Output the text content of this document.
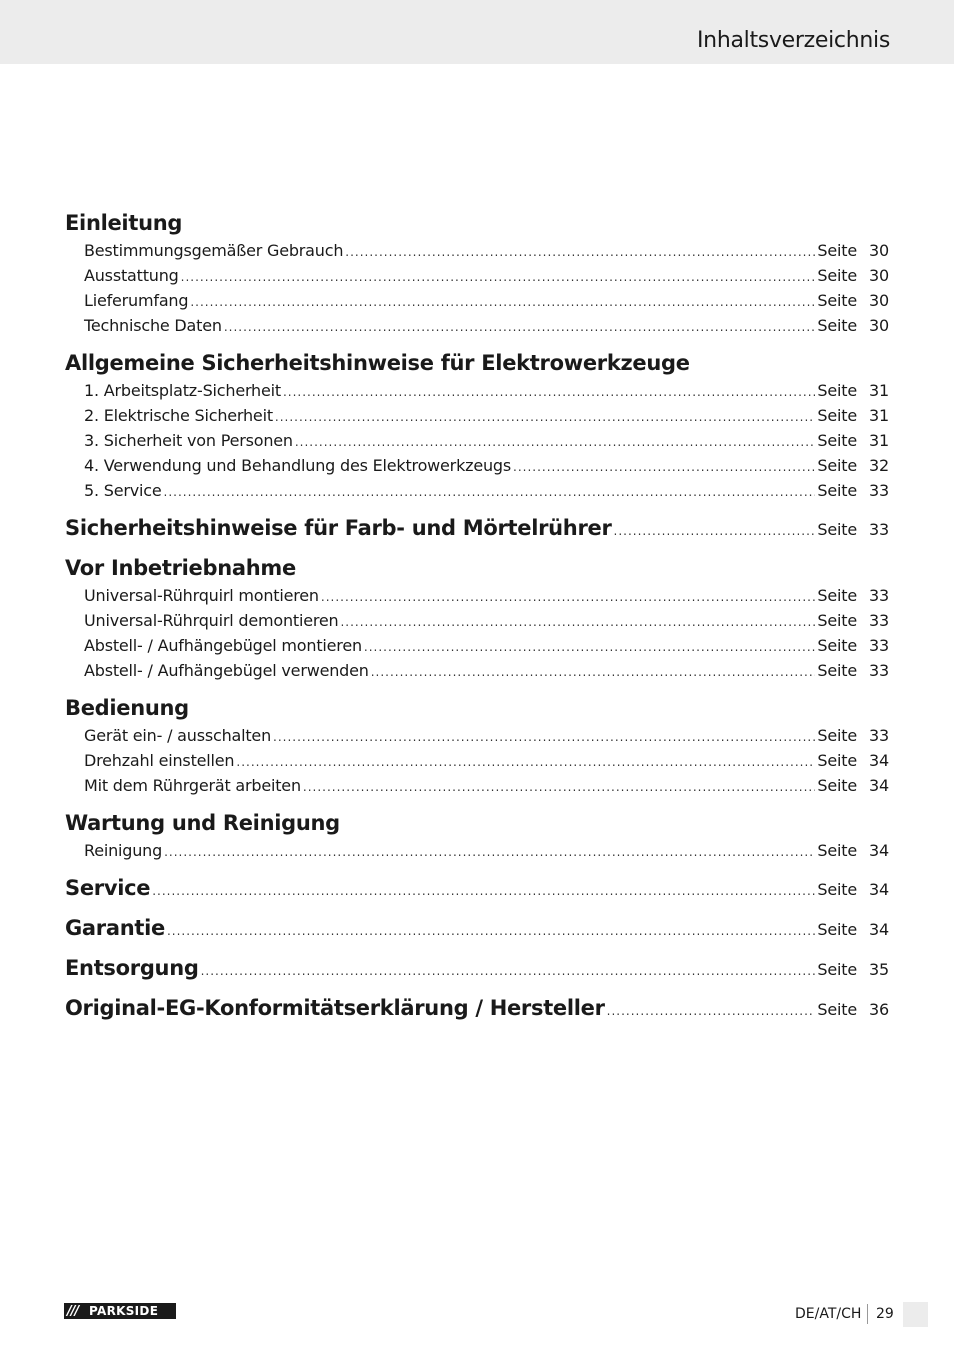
Inhaltsverzeichnis
Einleitung
Bestimmungsgemäßer Gebrauch .....	Seite 30
Ausstattung .....	Seite 30
Lieferumfang .....	Seite 30
Technische Daten .....	Seite 30
Allgemeine Sicherheitshinweise für Elektrowerkzeuge
1. Arbeitsplatz-Sicherheit .....	Seite 31
2. Elektrische Sicherheit .....	Seite 31
3. Sicherheit von Personen .....	Seite 31
4. Verwendung und Behandlung des Elektrowerkzeugs .....	Seite 32
5. Service .....	Seite 33
Sicherheitshinweise für Farb- und Mörtelrührer .....	Seite 33
Vor Inbetriebnahme
Universal-Rührquirl montieren .....	Seite 33
Universal-Rührquirl demontieren .....	Seite 33
Abstell- / Aufhängebügel montieren .....	Seite 33
Abstell- / Aufhängebügel verwenden .....	Seite 33
Bedienung
Gerät ein- / ausschalten .....	Seite 33
Drehzahl einstellen .....	Seite 34
Mit dem Rührgerät arbeiten .....	Seite 34
Wartung und Reinigung
Reinigung .....	Seite 34
Service .....	Seite 34
Garantie .....	Seite 34
Entsorgung .....	Seite 35
Original-EG-Konformitätserklärung / Hersteller .....	Seite 36
/// PARKSIDE	DE/AT/CH 29
